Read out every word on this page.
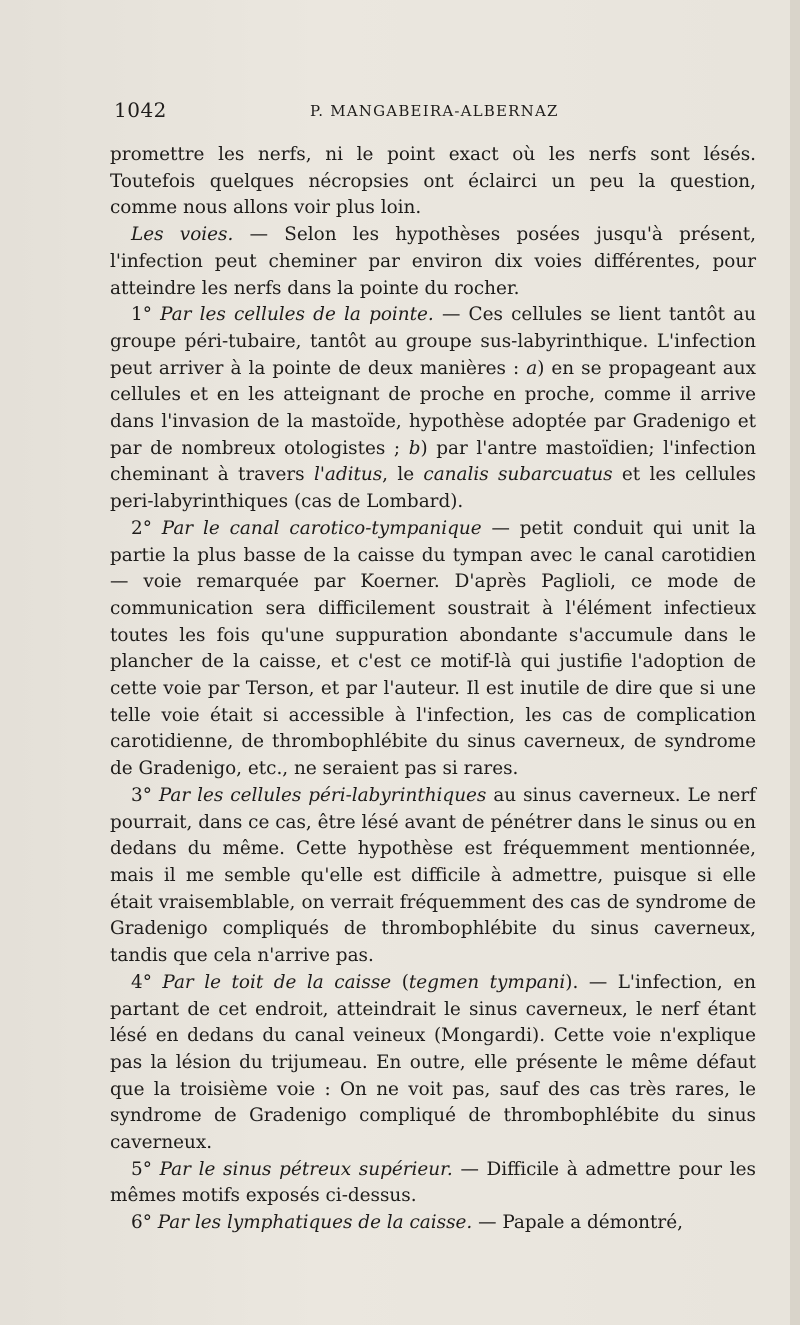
1042	P. MANGABEIRA-ALBERNAZ

promettre les nerfs, ni le point exact où les nerfs sont lésés. Toutefois quelques nécropsies ont éclairci un peu la question, comme nous allons voir plus loin.

Les voies. — Selon les hypothèses posées jusqu'à présent, l'infection peut cheminer par environ dix voies différentes, pour atteindre les nerfs dans la pointe du rocher.

1° Par les cellules de la pointe. — Ces cellules se lient tantôt au groupe péri-tubaire, tantôt au groupe sus-labyrinthique. L'infection peut arriver à la pointe de deux manières : a) en se propageant aux cellules et en les atteignant de proche en proche, comme il arrive dans l'invasion de la mastoïde, hypothèse adoptée par Gradenigo et par de nombreux otologistes ; b) par l'antre mastoïdien; l'infection cheminant à travers l'aditus, le canalis subarcuatus et les cellules peri-labyrinthiques (cas de Lombard).

2° Par le canal carotico-tympanique — petit conduit qui unit la partie la plus basse de la caisse du tympan avec le canal carotidien — voie remarquée par Koerner. D'après Paglioli, ce mode de communication sera difficilement soustrait à l'élément infectieux toutes les fois qu'une suppuration abondante s'accumule dans le plancher de la caisse, et c'est ce motif-là qui justifie l'adoption de cette voie par Terson, et par l'auteur. Il est inutile de dire que si une telle voie était si accessible à l'infection, les cas de complication carotidienne, de thrombophlébite du sinus caverneux, de syndrome de Gradenigo, etc., ne seraient pas si rares.

3° Par les cellules péri-labyrinthiques au sinus caverneux. Le nerf pourrait, dans ce cas, être lésé avant de pénétrer dans le sinus ou en dedans du même. Cette hypothèse est fréquemment mentionnée, mais il me semble qu'elle est difficile à admettre, puisque si elle était vraisemblable, on verrait fréquemment des cas de syndrome de Gradenigo compliqués de thrombophlébite du sinus caverneux, tandis que cela n'arrive pas.

4° Par le toit de la caisse (tegmen tympani). — L'infection, en partant de cet endroit, atteindrait le sinus caverneux, le nerf étant lésé en dedans du canal veineux (Mongardi). Cette voie n'explique pas la lésion du trijumeau. En outre, elle présente le même défaut que la troisième voie : On ne voit pas, sauf des cas très rares, le syndrome de Gradenigo compliqué de thrombophlébite du sinus caverneux.

5° Par le sinus pétreux supérieur. — Difficile à admettre pour les mêmes motifs exposés ci-dessus.

6° Par les lymphatiques de la caisse. — Papale a démontré,
